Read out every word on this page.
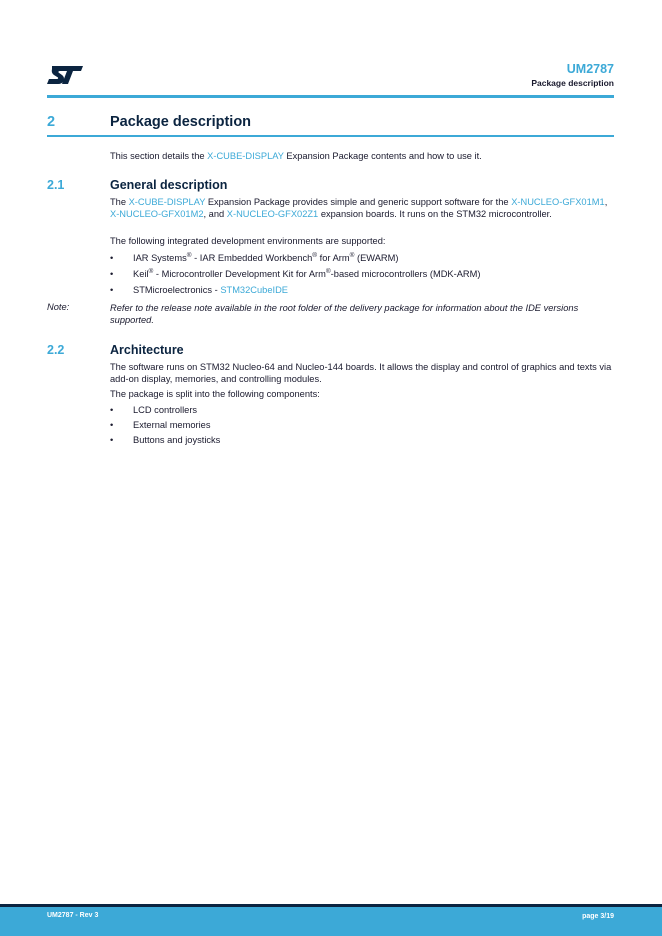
UM2787
Package description
2	Package description
This section details the X-CUBE-DISPLAY Expansion Package contents and how to use it.
2.1	General description
The X-CUBE-DISPLAY Expansion Package provides simple and generic support software for the X-NUCLEO-GFX01M1, X-NUCLEO-GFX01M2, and X-NUCLEO-GFX02Z1 expansion boards. It runs on the STM32 microcontroller.
The following integrated development environments are supported:
• IAR Systems® - IAR Embedded Workbench® for Arm® (EWARM)
• Keil® - Microcontroller Development Kit for Arm®-based microcontrollers (MDK-ARM)
• STMicroelectronics - STM32CubeIDE
Note:	Refer to the release note available in the root folder of the delivery package for information about the IDE versions supported.
2.2	Architecture
The software runs on STM32 Nucleo-64 and Nucleo-144 boards. It allows the display and control of graphics and texts via add-on display, memories, and controlling modules.
The package is split into the following components:
• LCD controllers
• External memories
• Buttons and joysticks
UM2787 - Rev 3	page 3/19
